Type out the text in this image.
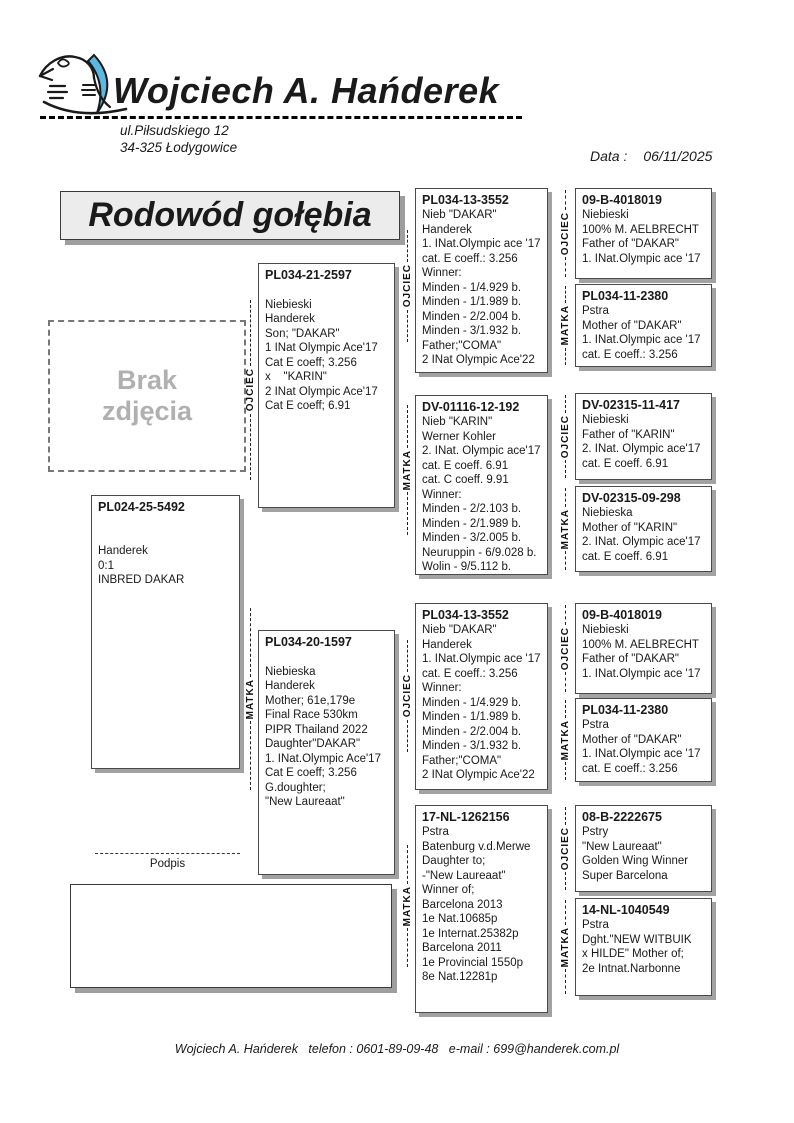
Wojciech A. Hańderek
ul.Piłsudskiego 12
34-325 Łodygowice
Data : 06/11/2025
Rodowód gołębia
Brak zdjęcia
PL024-25-5492

Handerek
0:1
INBRED DAKAR
PL034-21-2597

Niebieski
Handerek
Son; "DAKAR"
1 INat Olympic Ace'17
Cat E coeff; 3.256
x    "KARIN"
2 INat Olympic Ace'17
Cat E coeff; 6.91
PL034-20-1597

Niebieska
Handerek
Mother; 61e,179e
Final Race 530km
PIPR Thailand 2022
Daughter"DAKAR"
1. INat.Olympic Ace'17
Cat E coeff; 3.256
G.doughter;
"New Laureaat"
PL034-13-3552
Nieb "DAKAR"
Handerek
1. INat.Olympic ace '17
cat. E coeff.: 3.256
Winner:
Minden - 1/4.929 b.
Minden - 1/1.989 b.
Minden - 2/2.004 b.
Minden - 3/1.932 b.
Father;"COMA"
2 INat Olympic Ace'22
DV-01116-12-192
Nieb "KARIN"
Werner Kohler
2. INat. Olympic ace'17
cat. E coeff. 6.91
cat. C coeff. 9.91
Winner:
Minden - 2/2.103 b.
Minden - 2/1.989 b.
Minden - 3/2.005 b.
Neuruppin - 6/9.028 b.
Wolin - 9/5.112 b.
PL034-13-3552
Nieb "DAKAR"
Handerek
1. INat.Olympic ace '17
cat. E coeff.: 3.256
Winner:
Minden - 1/4.929 b.
Minden - 1/1.989 b.
Minden - 2/2.004 b.
Minden - 3/1.932 b.
Father;"COMA"
2 INat Olympic Ace'22
17-NL-1262156
Pstra
Batenburg v.d.Merwe
Daughter to;
-"New Laureaat"
Winner of;
Barcelona 2013
1e Nat.10685p
1e Internat.25382p
Barcelona 2011
1e Provincial 1550p
8e Nat.12281p
09-B-4018019
Niebieski
100% M. AELBRECHT
Father of "DAKAR"
1. INat.Olympic ace '17
PL034-11-2380
Pstra
Mother of "DAKAR"
1. INat.Olympic ace '17
cat. E coeff.: 3.256
DV-02315-11-417
Niebieski
Father of "KARIN"
2. INat. Olympic ace'17
cat. E coeff. 6.91
DV-02315-09-298
Niebieska
Mother of "KARIN"
2. INat. Olympic ace'17
cat. E coeff. 6.91
09-B-4018019
Niebieski
100% M. AELBRECHT
Father of "DAKAR"
1. INat.Olympic ace '17
PL034-11-2380
Pstra
Mother of "DAKAR"
1. INat.Olympic ace '17
cat. E coeff.: 3.256
08-B-2222675
Pstry
"New Laureaat"
Golden Wing Winner
Super Barcelona
14-NL-1040549
Pstra
Dght."NEW WITBUIK
x HILDE" Mother of;
2e Intnat.Narbonne
OJCIEC
MATKA
OJCIEC
MATKA
OJCIEC
MATKA
OJCIEC
MATKA
OJCIEC
MATKA
OJCIEC
MATKA
OJCIEC
MATKA
Podpis
Wojciech A. Hańderek   telefon : 0601-89-09-48   e-mail : 699@handerek.com.pl
